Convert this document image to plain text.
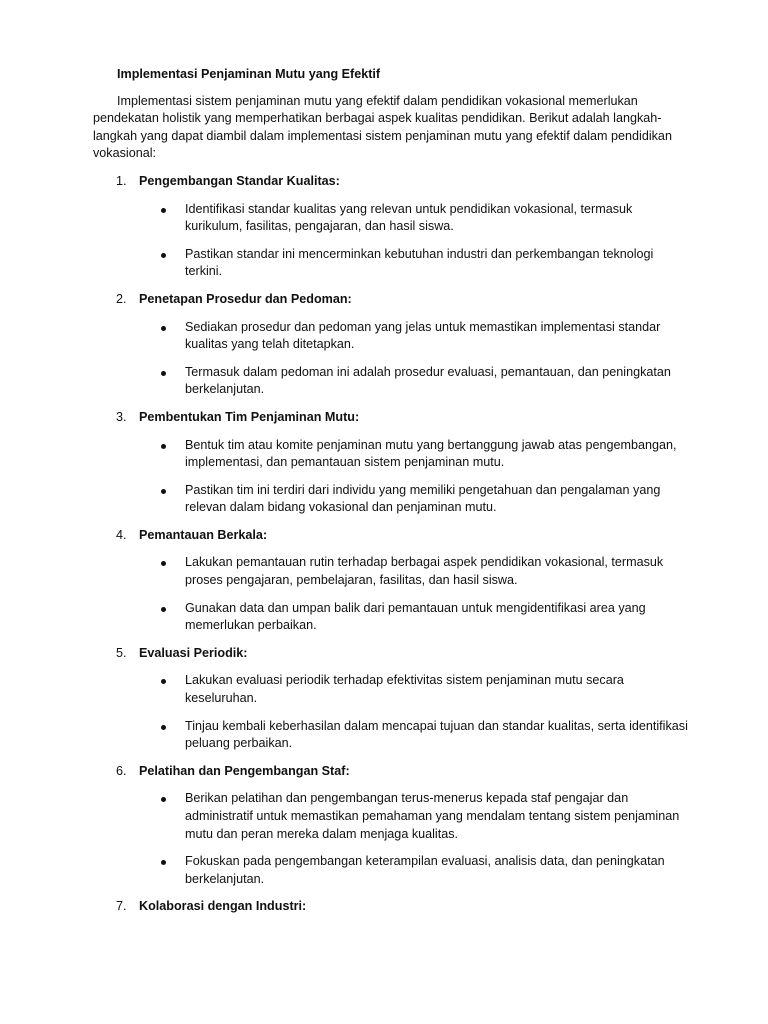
Implementasi Penjaminan Mutu yang Efektif

Implementasi sistem penjaminan mutu yang efektif dalam pendidikan vokasional memerlukan pendekatan holistik yang memperhatikan berbagai aspek kualitas pendidikan. Berikut adalah langkah-langkah yang dapat diambil dalam implementasi sistem penjaminan mutu yang efektif dalam pendidikan vokasional:

1. Pengembangan Standar Kualitas:
Identifikasi standar kualitas yang relevan untuk pendidikan vokasional, termasuk kurikulum, fasilitas, pengajaran, dan hasil siswa.
Pastikan standar ini mencerminkan kebutuhan industri dan perkembangan teknologi terkini.
2. Penetapan Prosedur dan Pedoman:
Sediakan prosedur dan pedoman yang jelas untuk memastikan implementasi standar kualitas yang telah ditetapkan.
Termasuk dalam pedoman ini adalah prosedur evaluasi, pemantauan, dan peningkatan berkelanjutan.
3. Pembentukan Tim Penjaminan Mutu:
Bentuk tim atau komite penjaminan mutu yang bertanggung jawab atas pengembangan, implementasi, dan pemantauan sistem penjaminan mutu.
Pastikan tim ini terdiri dari individu yang memiliki pengetahuan dan pengalaman yang relevan dalam bidang vokasional dan penjaminan mutu.
4. Pemantauan Berkala:
Lakukan pemantauan rutin terhadap berbagai aspek pendidikan vokasional, termasuk proses pengajaran, pembelajaran, fasilitas, dan hasil siswa.
Gunakan data dan umpan balik dari pemantauan untuk mengidentifikasi area yang memerlukan perbaikan.
5. Evaluasi Periodik:
Lakukan evaluasi periodik terhadap efektivitas sistem penjaminan mutu secara keseluruhan.
Tinjau kembali keberhasilan dalam mencapai tujuan dan standar kualitas, serta identifikasi peluang perbaikan.
6. Pelatihan dan Pengembangan Staf:
Berikan pelatihan dan pengembangan terus-menerus kepada staf pengajar dan administratif untuk memastikan pemahaman yang mendalam tentang sistem penjaminan mutu dan peran mereka dalam menjaga kualitas.
Fokuskan pada pengembangan keterampilan evaluasi, analisis data, dan peningkatan berkelanjutan.
7. Kolaborasi dengan Industri:
